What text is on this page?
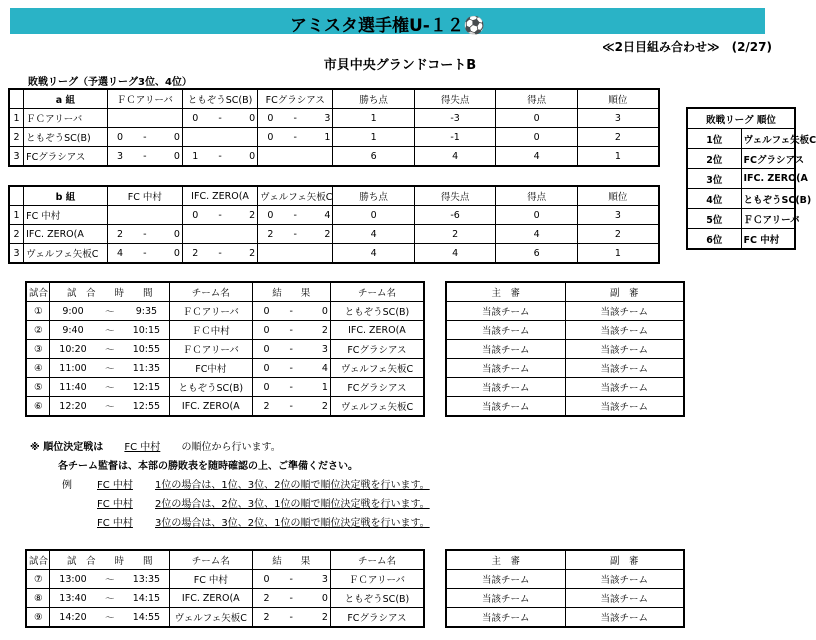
アミスタ選手権U-１２⚽
≪2日目組み合わせ≫　(2/27)
市貝中央グランドコートB
敗戦リーグ（予選リーグ3位、4位）
	a 組	ＦＣアリーバ			ともぞうSC(B)			FCグラシアス			勝ち点	得失点	得点	順位
1	ＦＣアリーバ				0	-	0	0	-	3	1	-3	0	3
2	ともぞうSC(B)	0	-	0				0	-	1	1	-1	0	2
3	FCグラシアス	3	-	0	1	-	0				6	4	4	1
	b 組	FC 中村			IFC. ZERO(A			ヴェルフェ矢板C			勝ち点	得失点	得点	順位
1	FC 中村				0	-	2	0	-	4	0	-6	0	3
2	IFC. ZERO(A	2	-	0				2	-	2	4	2	4	2
3	ヴェルフェ矢板C	4	-	0	2	-	2				4	4	6	1
敗戦リーグ 順位	
1位	ヴェルフェ矢板C
2位	FCグラシアス
3位	IFC. ZERO(A
4位	ともぞうSC(B)
5位	ＦＣアリーバ
6位	FC 中村
試合	試　合　　時　　間			チーム名	結　　果			チーム名
①	9:00	～	9:35	ＦＣアリーバ	0	-	0	ともぞうSC(B)
②	9:40	～	10:15	ＦＣ中村	0	-	2	IFC. ZERO(A
③	10:20	～	10:55	ＦＣアリーバ	0	-	3	FCグラシアス
④	11:00	～	11:35	FC中村	0	-	4	ヴェルフェ矢板C
⑤	11:40	～	12:15	ともぞうSC(B)	0	-	1	FCグラシアス
⑥	12:20	～	12:55	IFC. ZERO(A	2	-	2	ヴェルフェ矢板C
主　審	副　審
当該チーム	当該チーム
当該チーム	当該チーム
当該チーム	当該チーム
当該チーム	当該チーム
当該チーム	当該チーム
当該チーム	当該チーム
※ 順位決定戦は FC 中村 の順位から行います。
各チーム監督は、本部の勝敗表を随時確認の上、ご準備ください。
例	FC 中村 1位の場合は、1位、3位、2位の順で順位決定戦を行います。
FC 中村 2位の場合は、2位、3位、1位の順で順位決定戦を行います。
FC 中村 3位の場合は、3位、2位、1位の順で順位決定戦を行います。
試合	試　合　　時　　間			チーム名	結　　果			チーム名
⑦	13:00	～	13:35	FC 中村	0	-	3	ＦＣアリーバ
⑧	13:40	～	14:15	IFC. ZERO(A	2	-	0	ともぞうSC(B)
⑨	14:20	～	14:55	ヴェルフェ矢板C	2	-	2	FCグラシアス
主　審	副　審
当該チーム	当該チーム
当該チーム	当該チーム
当該チーム	当該チーム
